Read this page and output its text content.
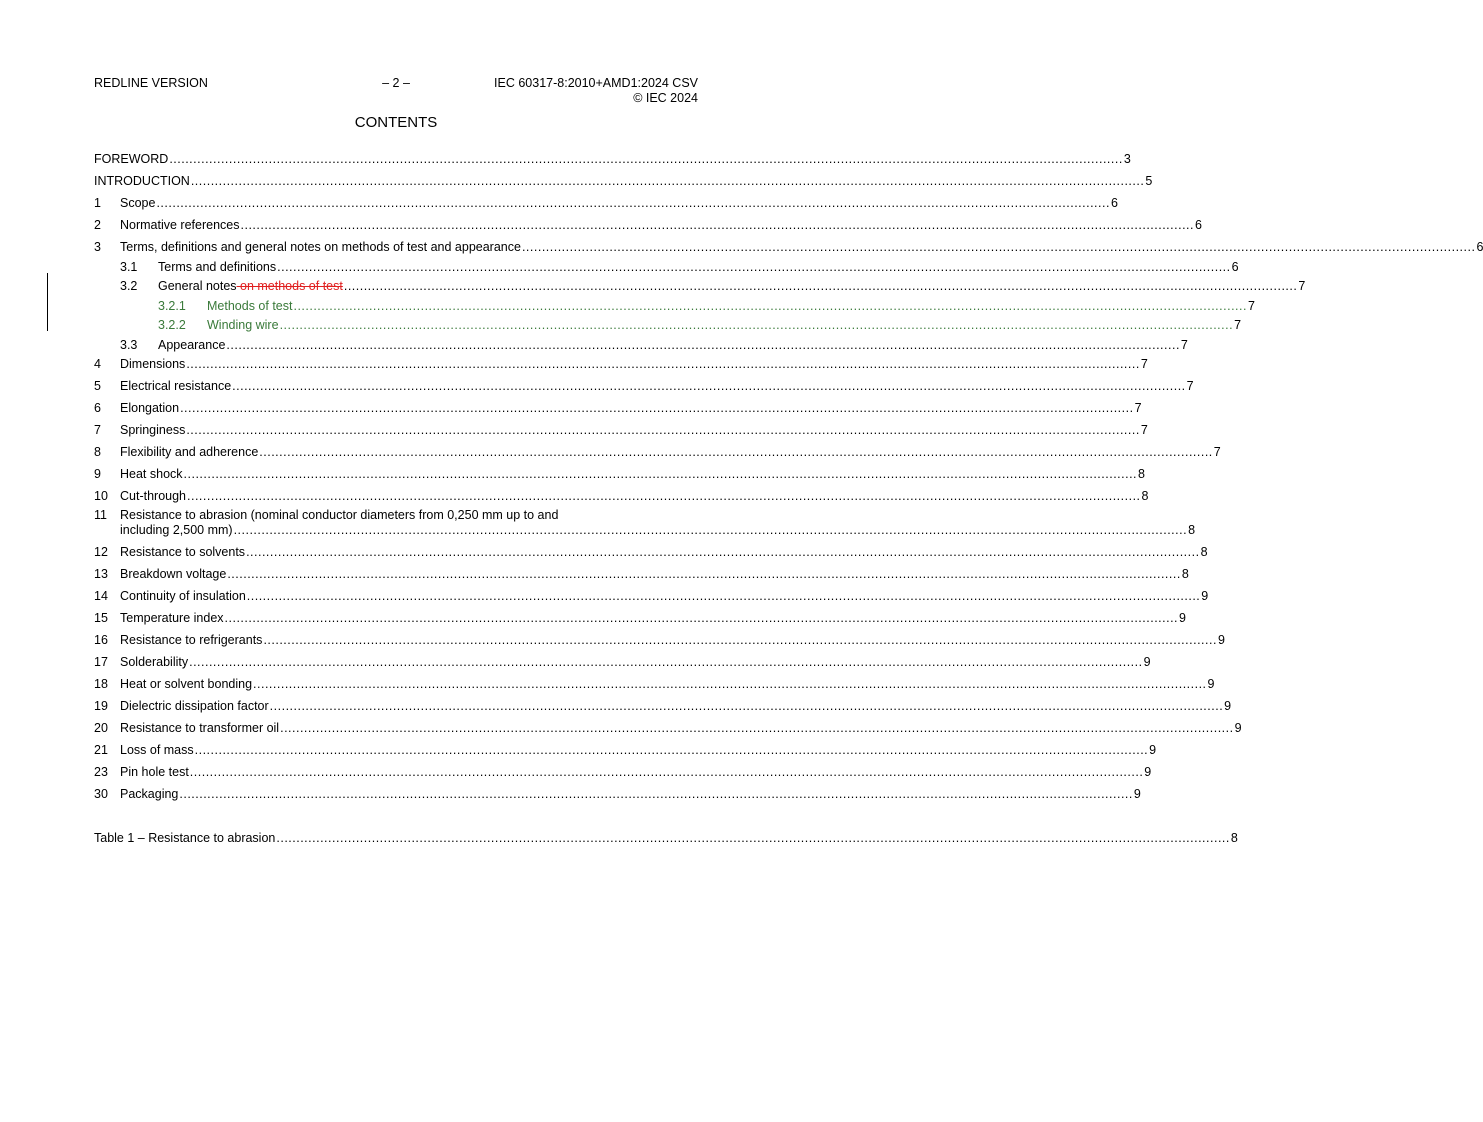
REDLINE VERSION	– 2 –	IEC 60317-8:2010+AMD1:2024 CSV
© IEC 2024
CONTENTS
FOREWORD .....	3
INTRODUCTION .....	5
1	Scope .....	6
2	Normative references .....	6
3	Terms, definitions and general notes on methods of test and appearance .....	6
3.1	Terms and definitions .....	6
3.2	General notes on methods of test .....	7
3.2.1	Methods of test .....	7
3.2.2	Winding wire .....	7
3.3	Appearance .....	7
4	Dimensions .....	7
5	Electrical resistance .....	7
6	Elongation .....	7
7	Springiness .....	7
8	Flexibility and adherence .....	7
9	Heat shock .....	8
10 Cut-through .....	8
11	Resistance to abrasion (nominal conductor diameters from 0,250 mm up to and
including 2,500 mm) .....	8
12 Resistance to solvents .....	8
13 Breakdown voltage .....	8
14 Continuity of insulation .....	9
15 Temperature index .....	9
16 Resistance to refrigerants .....	9
17 Solderability .....	9
18 Heat or solvent bonding .....	9
19 Dielectric dissipation factor .....	9
20 Resistance to transformer oil .....	9
21 Loss of mass .....	9
23 Pin hole test .....	9
30 Packaging .....	9
Table 1 – Resistance to abrasion .....	8
